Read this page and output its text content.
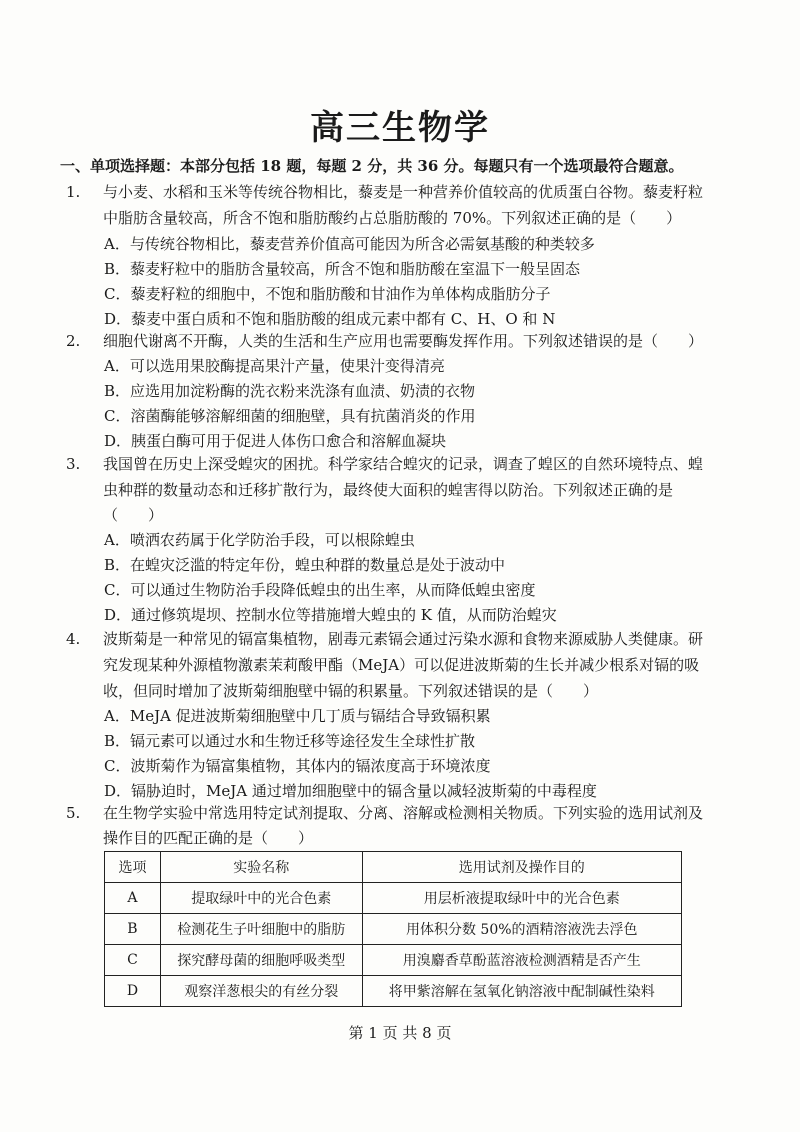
高三生物学
一、单项选择题：本部分包括 18 题，每题 2 分，共 36 分。每题只有一个选项最符合题意。
1. 与小麦、水稻和玉米等传统谷物相比，藜麦是一种营养价值较高的优质蛋白谷物。藜麦籽粒
中脂肪含量较高，所含不饱和脂肪酸约占总脂肪酸的 70%。下列叙述正确的是（　　）
A．与传统谷物相比，藜麦营养价值高可能因为所含必需氨基酸的种类较多
B．藜麦籽粒中的脂肪含量较高，所含不饱和脂肪酸在室温下一般呈固态
C．藜麦籽粒的细胞中，不饱和脂肪酸和甘油作为单体构成脂肪分子
D．藜麦中蛋白质和不饱和脂肪酸的组成元素中都有 C、H、O 和 N
2. 细胞代谢离不开酶，人类的生活和生产应用也需要酶发挥作用。下列叙述错误的是（　　）
A．可以选用果胶酶提高果汁产量，使果汁变得清亮
B．应选用加淀粉酶的洗衣粉来洗涤有血渍、奶渍的衣物
C．溶菌酶能够溶解细菌的细胞壁，具有抗菌消炎的作用
D．胰蛋白酶可用于促进人体伤口愈合和溶解血凝块
3. 我国曾在历史上深受蝗灾的困扰。科学家结合蝗灾的记录，调查了蝗区的自然环境特点、蝗
虫种群的数量动态和迁移扩散行为，最终使大面积的蝗害得以防治。下列叙述正确的是
（　　）
A．喷洒农药属于化学防治手段，可以根除蝗虫
B．在蝗灾泛滥的特定年份，蝗虫种群的数量总是处于波动中
C．可以通过生物防治手段降低蝗虫的出生率，从而降低蝗虫密度
D．通过修筑堤坝、控制水位等措施增大蝗虫的 K 值，从而防治蝗灾
4. 波斯菊是一种常见的镉富集植物，剧毒元素镉会通过污染水源和食物来源威胁人类健康。研
究发现某种外源植物激素茉莉酸甲酯（MeJA）可以促进波斯菊的生长并减少根系对镉的吸
收，但同时增加了波斯菊细胞壁中镉的积累量。下列叙述错误的是（　　）
A．MeJA 促进波斯菊细胞壁中几丁质与镉结合导致镉积累
B．镉元素可以通过水和生物迁移等途径发生全球性扩散
C．波斯菊作为镉富集植物，其体内的镉浓度高于环境浓度
D．镉胁迫时，MeJA 通过增加细胞壁中的镉含量以减轻波斯菊的中毒程度
5. 在生物学实验中常选用特定试剂提取、分离、溶解或检测相关物质。下列实验的选用试剂及
操作目的匹配正确的是（　　）
选项	实验名称	选用试剂及操作目的
A	提取绿叶中的光合色素	用层析液提取绿叶中的光合色素
B	检测花生子叶细胞中的脂肪	用体积分数 50%的酒精溶液洗去浮色
C	探究酵母菌的细胞呼吸类型	用溴麝香草酚蓝溶液检测酒精是否产生
D	观察洋葱根尖的有丝分裂	将甲紫溶解在氢氧化钠溶液中配制碱性染料
第 1 页 共 8 页
